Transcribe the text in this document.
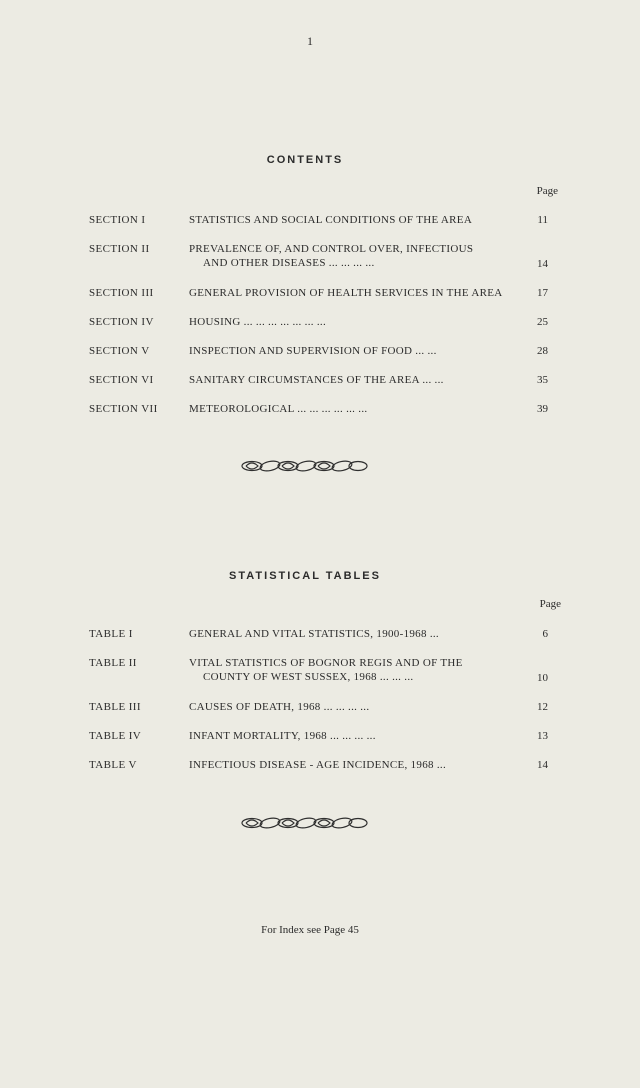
1
CONTENTS
Page
SECTION I	STATISTICS AND SOCIAL CONDITIONS OF THE AREA	11
SECTION II	PREVALENCE OF, AND CONTROL OVER, INFECTIOUS
AND OTHER DISEASES ... ... ... ...	14
SECTION III	GENERAL PROVISION OF HEALTH SERVICES IN THE AREA	17
SECTION IV	HOUSING ... ... ... ... ... ... ...	25
SECTION V	INSPECTION AND SUPERVISION OF FOOD ... ...	28
SECTION VI	SANITARY CIRCUMSTANCES OF THE AREA ... ...	35
SECTION VII	METEOROLOGICAL ... ... ... ... ... ...	39
STATISTICAL TABLES
Page
TABLE I	GENERAL AND VITAL STATISTICS, 1900-1968 ...	6
TABLE II	VITAL STATISTICS OF BOGNOR REGIS AND OF THE
COUNTY OF WEST SUSSEX, 1968 ... ... ...	10
TABLE III	CAUSES OF DEATH, 1968 ... ... ... ...	12
TABLE IV	INFANT MORTALITY, 1968 ... ... ... ...	13
TABLE V	INFECTIOUS DISEASE - AGE INCIDENCE, 1968 ...	14
For Index see Page 45
